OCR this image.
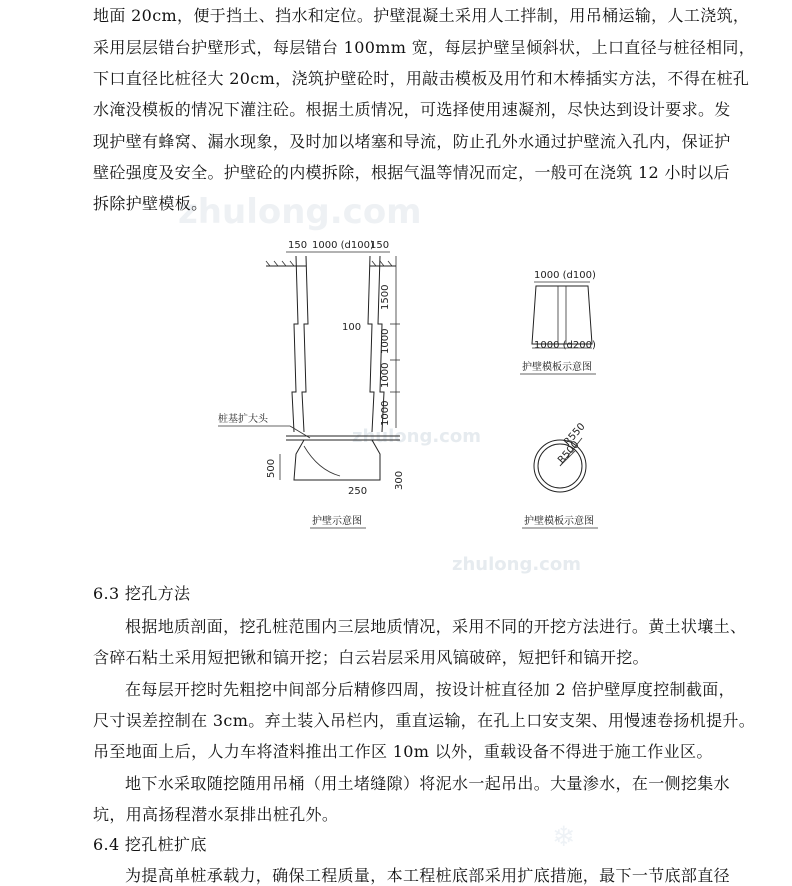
zhulong.com
zhulong.com
zhulong.com
地面 20cm，便于挡土、挡水和定位。护壁混凝土采用人工拌制，用吊桶运输，人工浇筑，
采用层层错台护壁形式，每层错台 100mm 宽，每层护壁呈倾斜状，上口直径与桩径相同，
下口直径比桩径大 20cm，浇筑护壁砼时，用敲击模板及用竹和木棒插实方法，不得在桩孔
水淹没模板的情况下灌注砼。根据土质情况，可选择使用速凝剂，尽快达到设计要求。发
现护壁有蜂窝、漏水现象，及时加以堵塞和导流，防止孔外水通过护壁流入孔内，保证护
壁砼强度及安全。护壁砼的内模拆除，根据气温等情况而定，一般可在浇筑 12 小时以后
拆除护壁模板。
150 1000 (d100)
150
1500
1000
1000
1000
100
桩基扩大头
500
250
300
护壁示意图
1000 (d100)
1000 (d200)
护壁模板示意图
R550
R500
护壁模板示意图
6.3 挖孔方法
根据地质剖面，挖孔桩范围内三层地质情况，采用不同的开挖方法进行。黄土状壤土、
含碎石粘土采用短把锹和镐开挖；白云岩层采用风镐破碎，短把钎和镐开挖。
在每层开挖时先粗挖中间部分后精修四周，按设计桩直径加 2 倍护壁厚度控制截面，
尺寸误差控制在 3cm。弃土装入吊栏内，重直运输，在孔上口安支架、用慢速卷扬机提升。
吊至地面上后，人力车将渣料推出工作区 10m 以外，重载设备不得进于施工作业区。
地下水采取随挖随用吊桶（用土堵缝隙）将泥水一起吊出。大量渗水，在一侧挖集水
坑，用高扬程潜水泵排出桩孔外。
6.4 挖孔桩扩底
为提高单桩承载力，确保工程质量，本工程桩底部采用扩底措施，最下一节底部直径
❄
